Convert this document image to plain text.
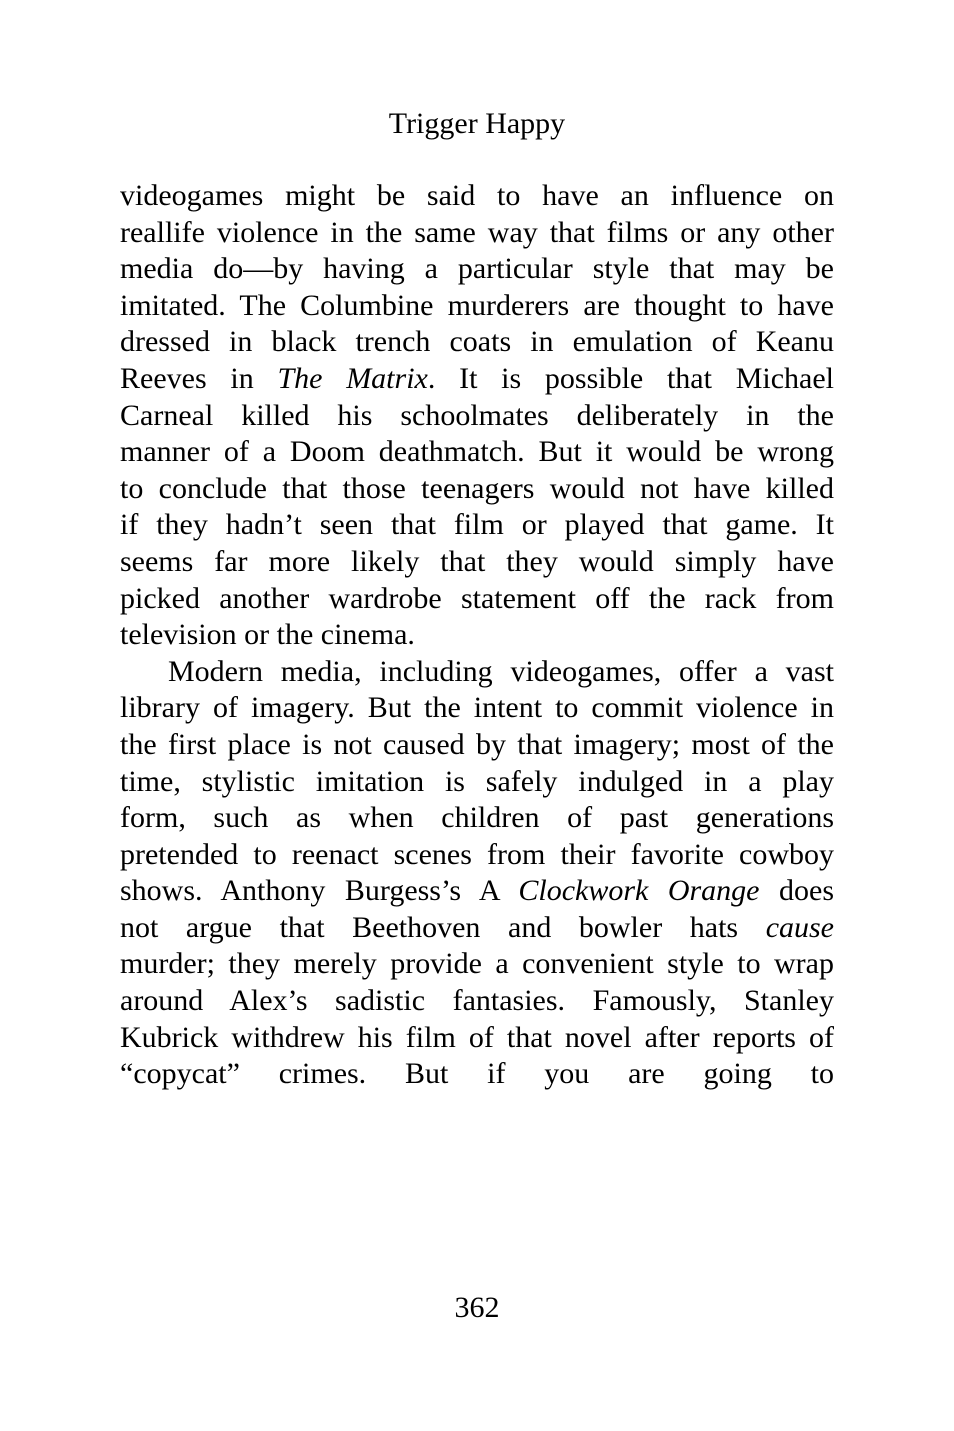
Trigger Happy
videogames might be said to have an influence on
reallife violence in the same way that films or any other
media do—by having a particular style that may be
imitated. The Columbine murderers are thought to have
dressed in black trench coats in emulation of Keanu
Reeves in The Matrix. It is possible that Michael
Carneal killed his schoolmates deliberately in the
manner of a Doom deathmatch. But it would be wrong
to conclude that those teenagers would not have killed
if they hadn’t seen that film or played that game. It
seems far more likely that they would simply have
picked another wardrobe statement off the rack from
television or the cinema.
Modern media, including videogames, offer a vast
library of imagery. But the intent to commit violence in
the first place is not caused by that imagery; most of the
time, stylistic imitation is safely indulged in a play
form, such as when children of past generations
pretended to reenact scenes from their favorite cowboy
shows. Anthony Burgess’s A Clockwork Orange does
not argue that Beethoven and bowler hats cause
murder; they merely provide a convenient style to wrap
around Alex’s sadistic fantasies. Famously, Stanley
Kubrick withdrew his film of that novel after reports of
“copycat” crimes. But if you are going to
362
